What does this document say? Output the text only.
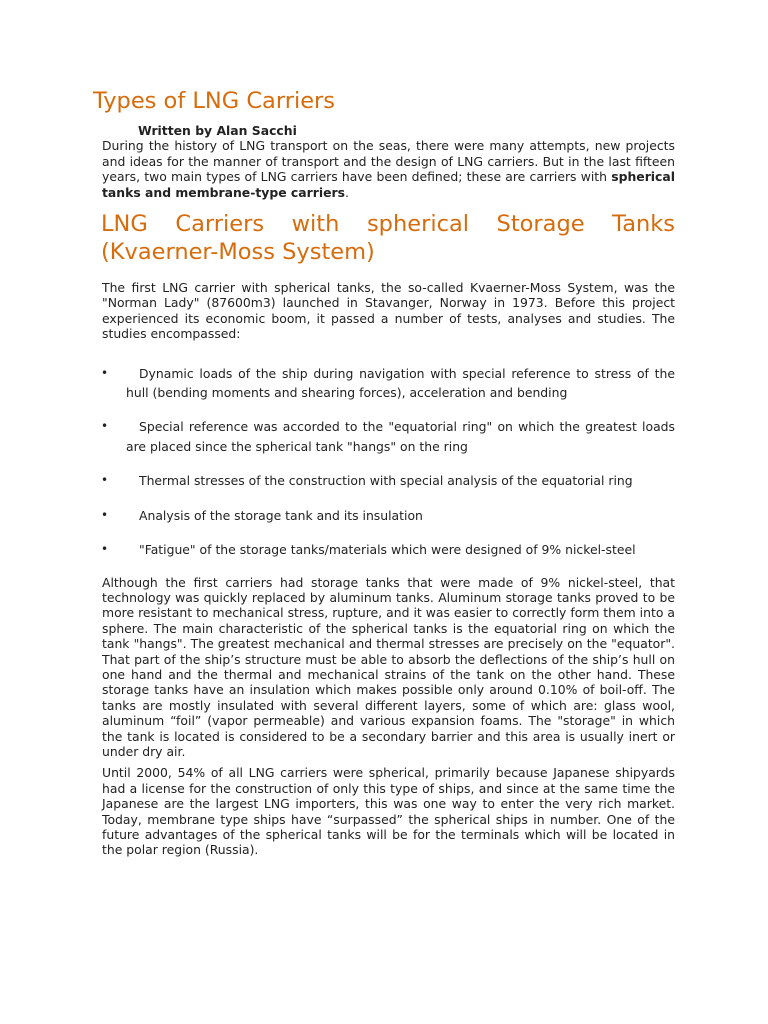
Types of LNG Carriers
Written by Alan Sacchi

During the history of LNG transport on the seas, there were many attempts, new projects and ideas for the manner of transport and the design of LNG carriers. But in the last fifteen years, two main types of LNG carriers have been defined; these are carriers with spherical tanks and membrane-type carriers.

LNG Carriers with spherical Storage Tanks (Kvaerner-Moss System)

The first LNG carrier with spherical tanks, the so-called Kvaerner-Moss System, was the "Norman Lady" (87600m3) launched in Stavanger, Norway in 1973. Before this project experienced its economic boom, it passed a number of tests, analyses and studies. The studies encompassed:

•	Dynamic loads of the ship during navigation with special reference to stress of the hull (bending moments and shearing forces), acceleration and bending
•	Special reference was accorded to the "equatorial ring" on which the greatest loads are placed since the spherical tank "hangs" on the ring
•	Thermal stresses of the construction with special analysis of the equatorial ring
•	Analysis of the storage tank and its insulation
•	"Fatigue" of the storage tanks/materials which were designed of 9% nickel-steel

Although the first carriers had storage tanks that were made of 9% nickel-steel, that technology was quickly replaced by aluminum tanks. Aluminum storage tanks proved to be more resistant to mechanical stress, rupture, and it was easier to correctly form them into a sphere. The main characteristic of the spherical tanks is the equatorial ring on which the tank "hangs". The greatest mechanical and thermal stresses are precisely on the "equator". That part of the ship’s structure must be able to absorb the deflections of the ship’s hull on one hand and the thermal and mechanical strains of the tank on the other hand. These storage tanks have an insulation which makes possible only around 0.10% of boil-off. The tanks are mostly insulated with several different layers, some of which are: glass wool, aluminum “foil” (vapor permeable) and various expansion foams. The "storage" in which the tank is located is considered to be a secondary barrier and this area is usually inert or under dry air.

Until 2000, 54% of all LNG carriers were spherical, primarily because Japanese shipyards had a license for the construction of only this type of ships, and since at the same time the Japanese are the largest LNG importers, this was one way to enter the very rich market. Today, membrane type ships have “surpassed” the spherical ships in number. One of the future advantages of the spherical tanks will be for the terminals which will be located in the polar region (Russia).
